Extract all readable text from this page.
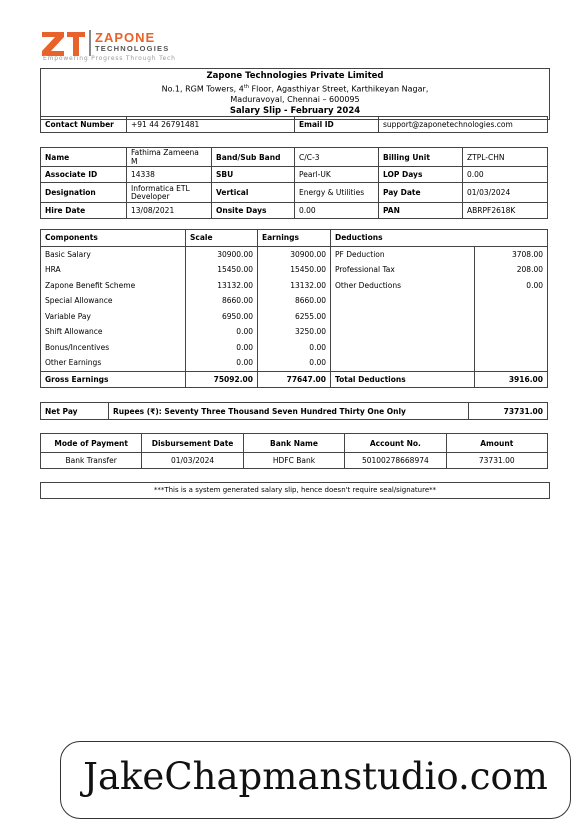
ZAPONE
TECHNOLOGIES
Empowering Progress Through Tech
Zapone Technologies Private Limited
No.1, RGM Towers, 4th Floor, Agasthiyar Street, Karthikeyan Nagar,
Maduravoyal, Chennai – 600095
Salary Slip - February 2024
Contact Number	+91 44 26791481	Email ID	support@zaponetechnologies.com
Name	Fathima Zameena M	Band/Sub Band	C/C-3	Billing Unit	ZTPL-CHN
Associate ID	14338	SBU	Pearl-UK	LOP Days	0.00
Designation	Informatica ETL Developer	Vertical	Energy & Utilities	Pay Date	01/03/2024
Hire Date	13/08/2021	Onsite Days	0.00	PAN	ABRPF2618K
Components	Scale	Earnings	Deductions	
Basic Salary	30900.00	30900.00	PF Deduction	3708.00
HRA	15450.00	15450.00	Professional Tax	208.00
Zapone Benefit Scheme	13132.00	13132.00	Other Deductions	0.00
Special Allowance	8660.00	8660.00		
Variable Pay	6950.00	6255.00		
Shift Allowance	0.00	3250.00		
Bonus/Incentives	0.00	0.00		
Other Earnings	0.00	0.00		
Gross Earnings	75092.00	77647.00	Total Deductions	3916.00
Net Pay	Rupees (₹): Seventy Three Thousand Seven Hundred Thirty One Only	73731.00
Mode of Payment	Disbursement Date	Bank Name	Account No.	Amount
Bank Transfer	01/03/2024	HDFC Bank	50100278668974	73731.00
***This is a system generated salary slip, hence doesn't require seal/signature**
JakeChapmanstudio.com
